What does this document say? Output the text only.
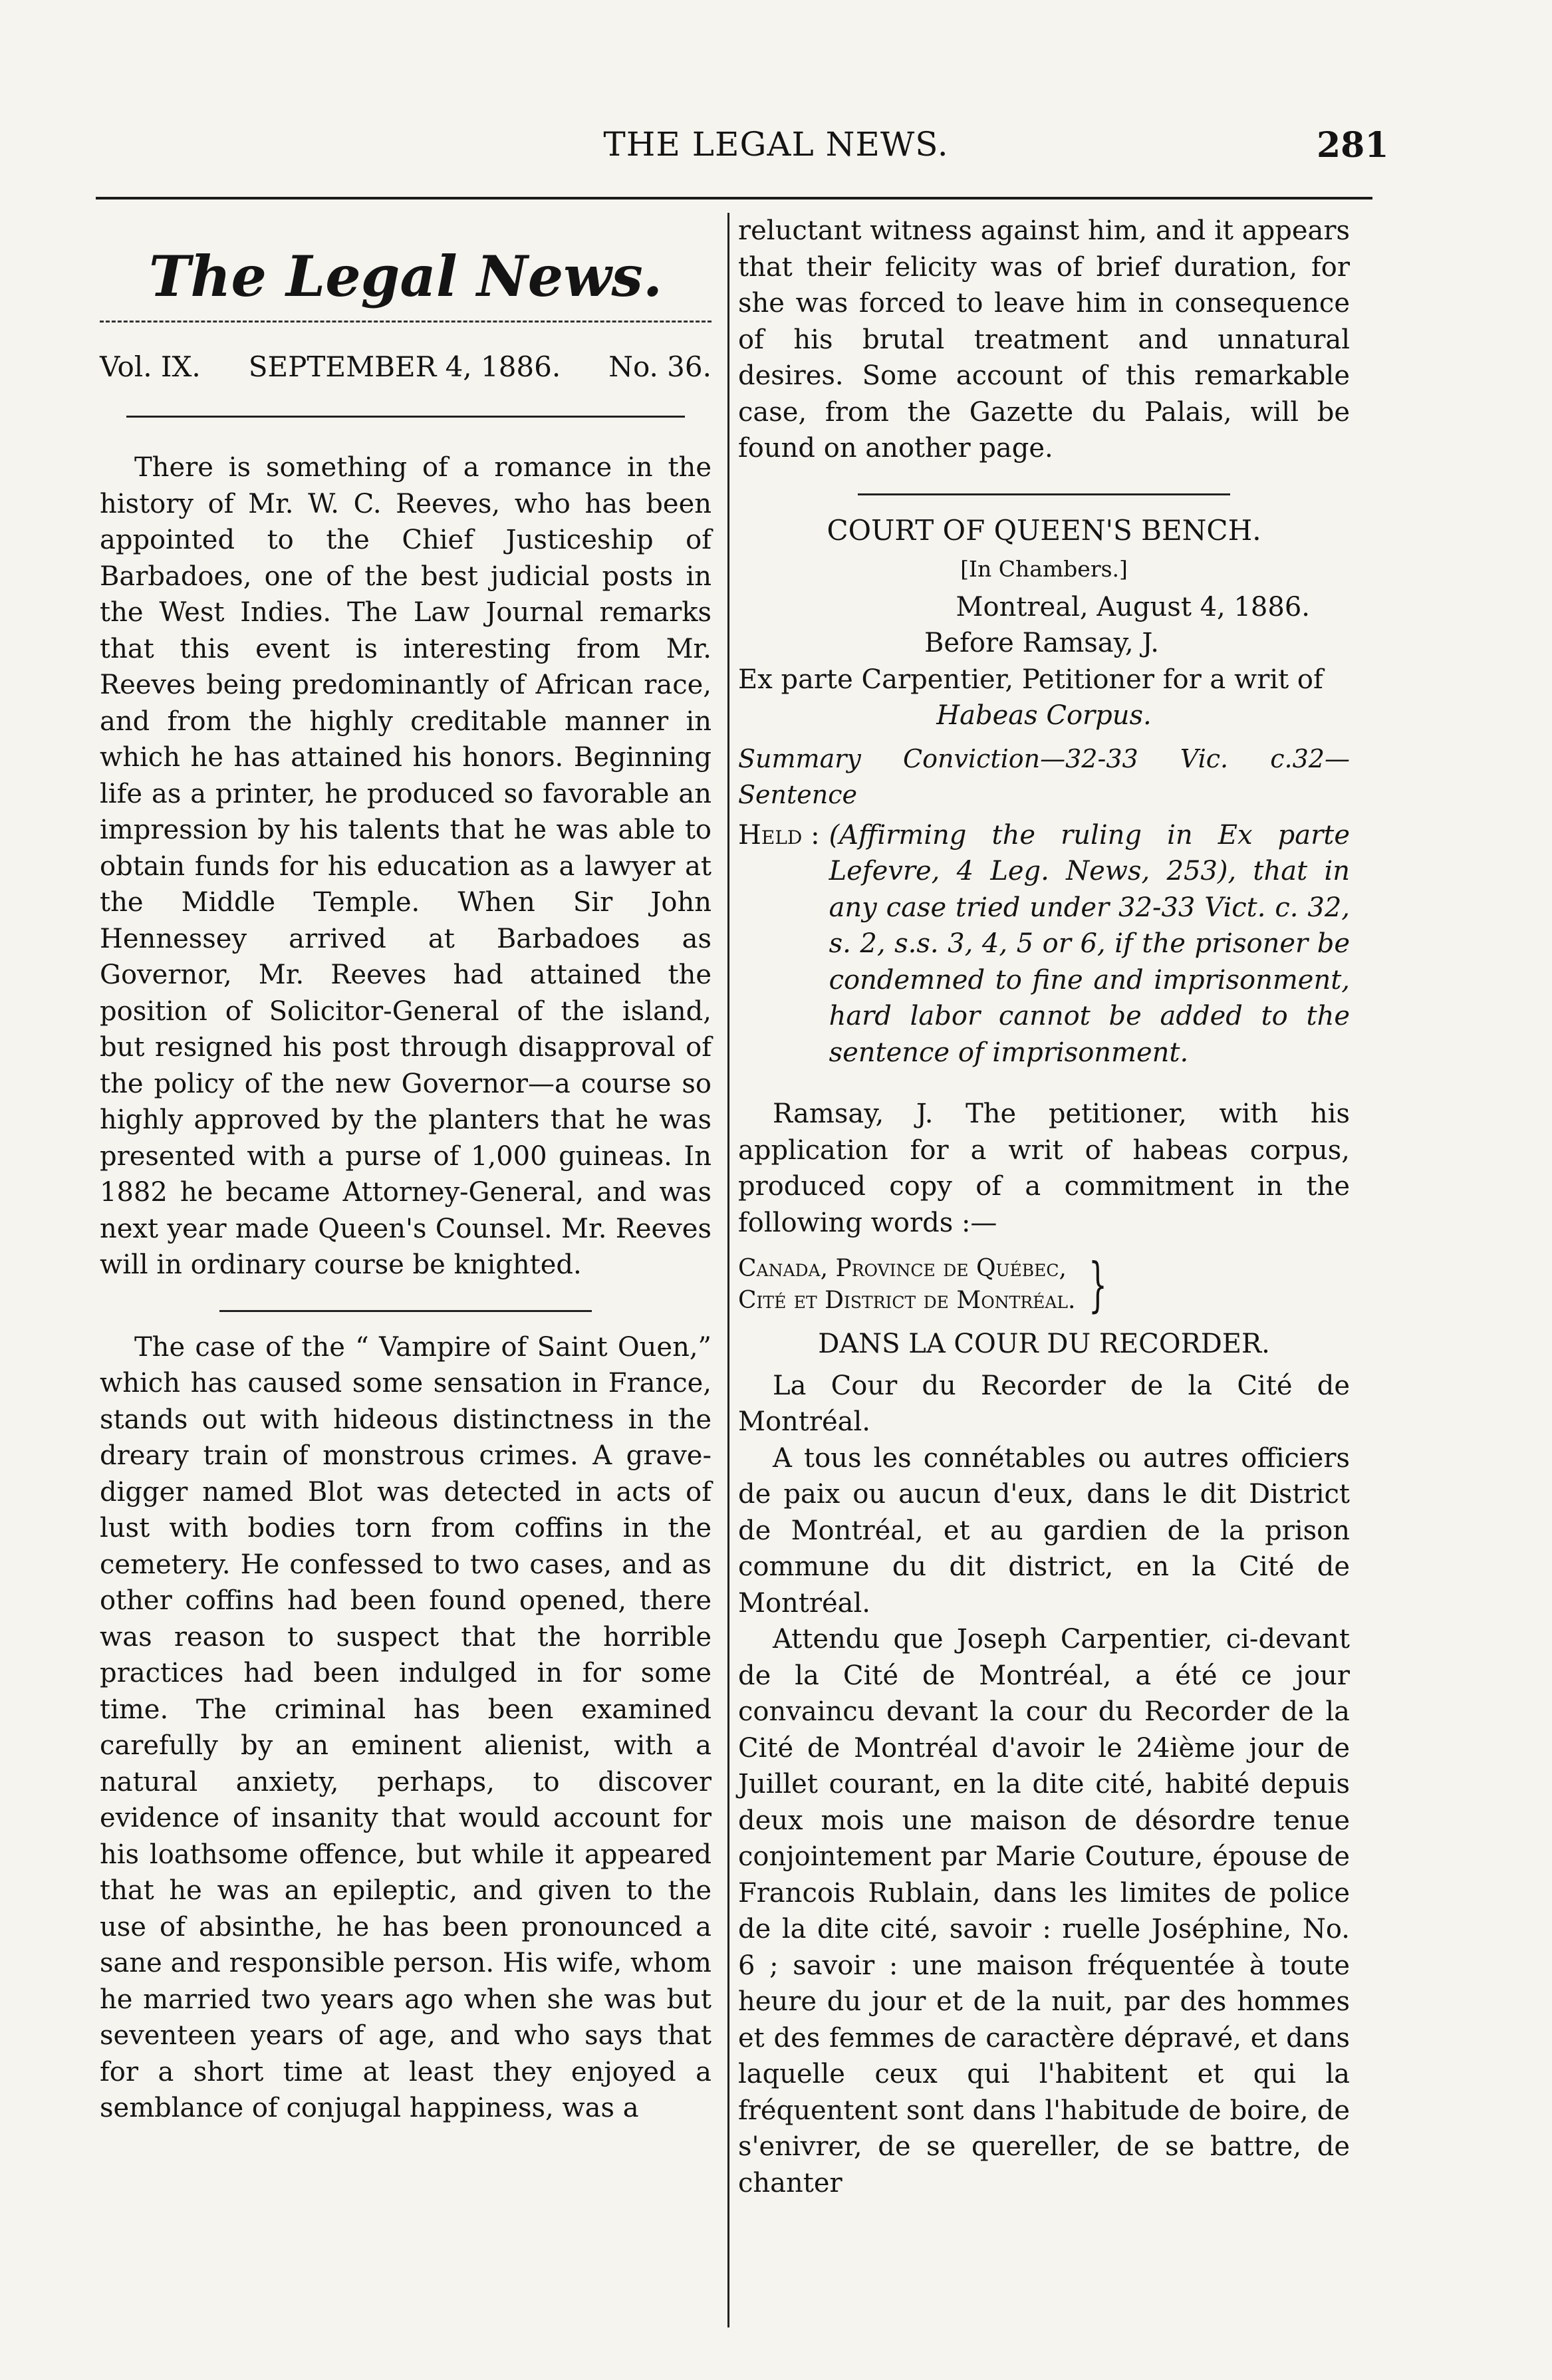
THE LEGAL NEWS.	281
The Legal News.
Vol. IX. SEPTEMBER 4, 1886. No. 36.

There is something of a romance in the history of Mr. W. C. Reeves, who has been appointed to the Chief Justiceship of Barbadoes, one of the best judicial posts in the West Indies. The Law Journal remarks that this event is interesting from Mr. Reeves being predominantly of African race, and from the highly creditable manner in which he has attained his honors. Beginning life as a printer, he produced so favorable an impression by his talents that he was able to obtain funds for his education as a lawyer at the Middle Temple. When Sir John Hennessey arrived at Barbadoes as Governor, Mr. Reeves had attained the position of Solicitor-General of the island, but resigned his post through disapproval of the policy of the new Governor—a course so highly approved by the planters that he was presented with a purse of 1,000 guineas. In 1882 he became Attorney-General, and was next year made Queen's Counsel. Mr. Reeves will in ordinary course be knighted.

The case of the “ Vampire of Saint Ouen,” which has caused some sensation in France, stands out with hideous distinctness in the dreary train of monstrous crimes. A grave-digger named Blot was detected in acts of lust with bodies torn from coffins in the cemetery. He confessed to two cases, and as other coffins had been found opened, there was reason to suspect that the horrible practices had been indulged in for some time. The criminal has been examined carefully by an eminent alienist, with a natural anxiety, perhaps, to discover evidence of insanity that would account for his loathsome offence, but while it appeared that he was an epileptic, and given to the use of absinthe, he has been pronounced a sane and responsible person. His wife, whom he married two years ago when she was but seventeen years of age, and who says that for a short time at least they enjoyed a semblance of conjugal happiness, was a

reluctant witness against him, and it appears that their felicity was of brief duration, for she was forced to leave him in consequence of his brutal treatment and unnatural desires. Some account of this remarkable case, from the Gazette du Palais, will be found on another page.

COURT OF QUEEN'S BENCH.
[In Chambers.]
Montreal, August 4, 1886.
Before Ramsay, J.
Ex parte Carpentier, Petitioner for a writ of
Habeas Corpus.
Summary Conviction—32-33 Vic. c.32—Sentence
Held : (Affirming the ruling in Ex parte Lefevre, 4 Leg. News, 253), that in any case tried under 32-33 Vict. c. 32, s. 2, s.s. 3, 4, 5 or 6, if the prisoner be condemned to fine and imprisonment, hard labor cannot be added to the sentence of imprisonment.

Ramsay, J. The petitioner, with his application for a writ of habeas corpus, produced copy of a commitment in the following words :—

Canada, Province de Québec,
Cité et District de Montréal. }
DANS LA COUR DU RECORDER.

La Cour du Recorder de la Cité de Montréal.

A tous les connétables ou autres officiers de paix ou aucun d'eux, dans le dit District de Montréal, et au gardien de la prison commune du dit district, en la Cité de Montréal.

Attendu que Joseph Carpentier, ci-devant de la Cité de Montréal, a été ce jour convaincu devant la cour du Recorder de la Cité de Montréal d'avoir le 24ième jour de Juillet courant, en la dite cité, habité depuis deux mois une maison de désordre tenue conjointement par Marie Couture, épouse de Francois Rublain, dans les limites de police de la dite cité, savoir : ruelle Joséphine, No. 6 ; savoir : une maison fréquentée à toute heure du jour et de la nuit, par des hommes et des femmes de caractère dépravé, et dans laquelle ceux qui l'habitent et qui la fréquentent sont dans l'habitude de boire, de s'enivrer, de se quereller, de se battre, de chanter
